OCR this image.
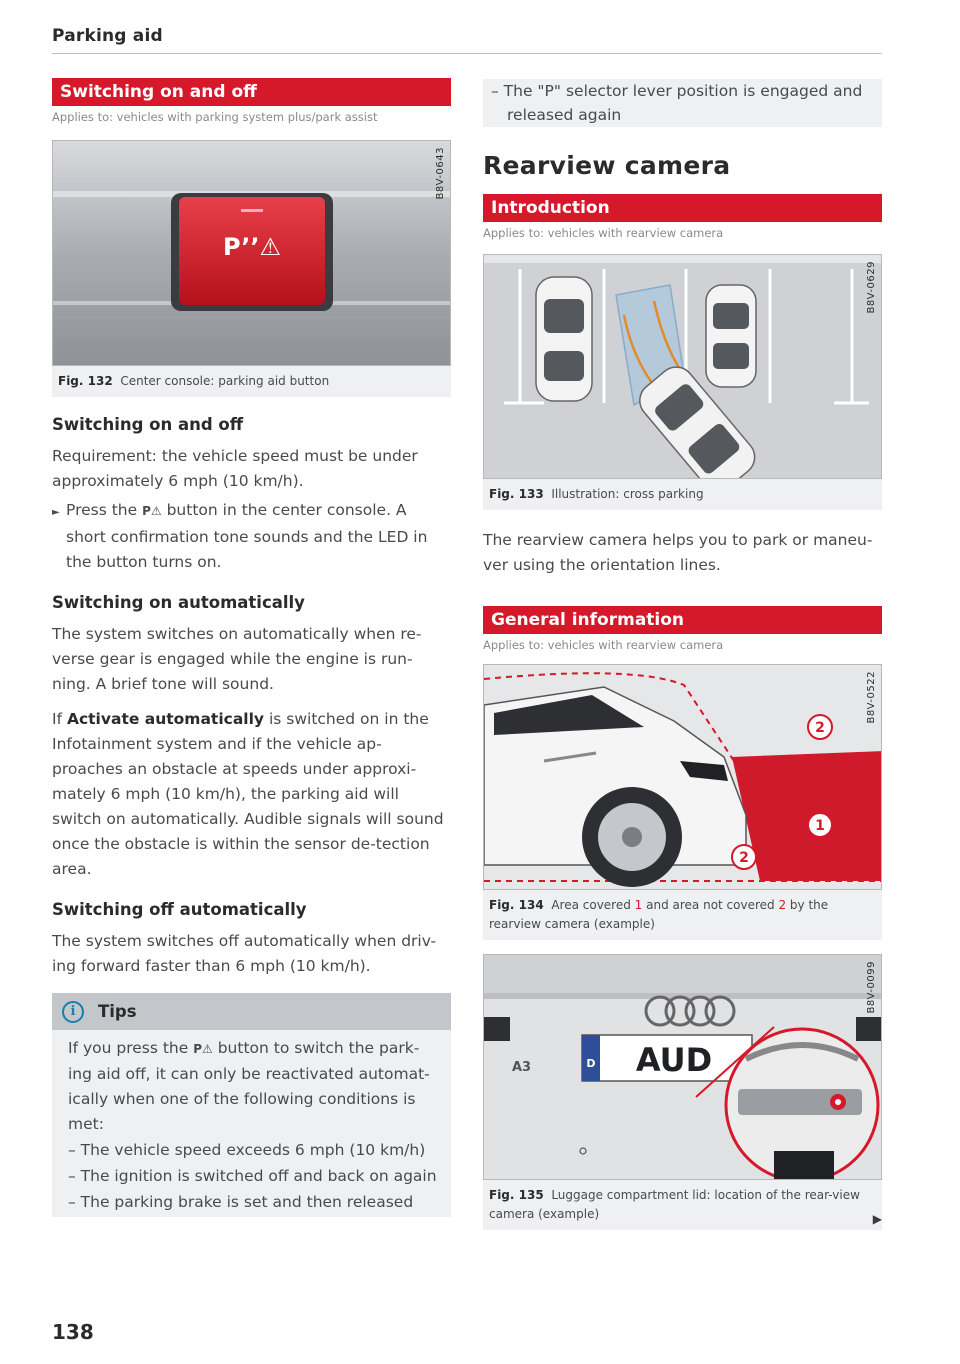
Parking aid
Switching on and off
Applies to: vehicles with parking system plus/park assist
P’’⚠
B8V-0643
Fig. 132 Center console: parking aid button
Switching on and off
Requirement: the vehicle speed must be under approximately 6 mph (10 km/h).
► Press the P⚠ button in the center console. A short confirmation tone sounds and the LED in the button turns on.
Switching on automatically
The system switches on automatically when re-verse gear is engaged while the engine is run-ning. A brief tone will sound.
If Activate automatically is switched on in the Infotainment system and if the vehicle ap-proaches an obstacle at speeds under approxi-mately 6 mph (10 km/h), the parking aid will switch on automatically. Audible signals will sound once the obstacle is within the sensor de-tection area.
Switching off automatically
The system switches off automatically when driv-ing forward faster than 6 mph (10 km/h).
i	Tips
If you press the P⚠ button to switch the park-ing aid off, it can only be reactivated automat-ically when one of the following conditions is met:
– The vehicle speed exceeds 6 mph (10 km/h)
– The ignition is switched off and back on again
– The parking brake is set and then released
138
– The "P" selector lever position is engaged and released again
Rearview camera
Introduction
Applies to: vehicles with rearview camera
B8V-0629
Fig. 133 Illustration: cross parking
The rearview camera helps you to park or maneu-ver using the orientation lines.
General information
Applies to: vehicles with rearview camera
2
1
2
B8V-0522
Fig. 134 Area covered 1 and area not covered 2 by the rearview camera (example)
A3	D AUD
B8V-0099
Fig. 135 Luggage compartment lid: location of the rear-view camera (example)	▶
